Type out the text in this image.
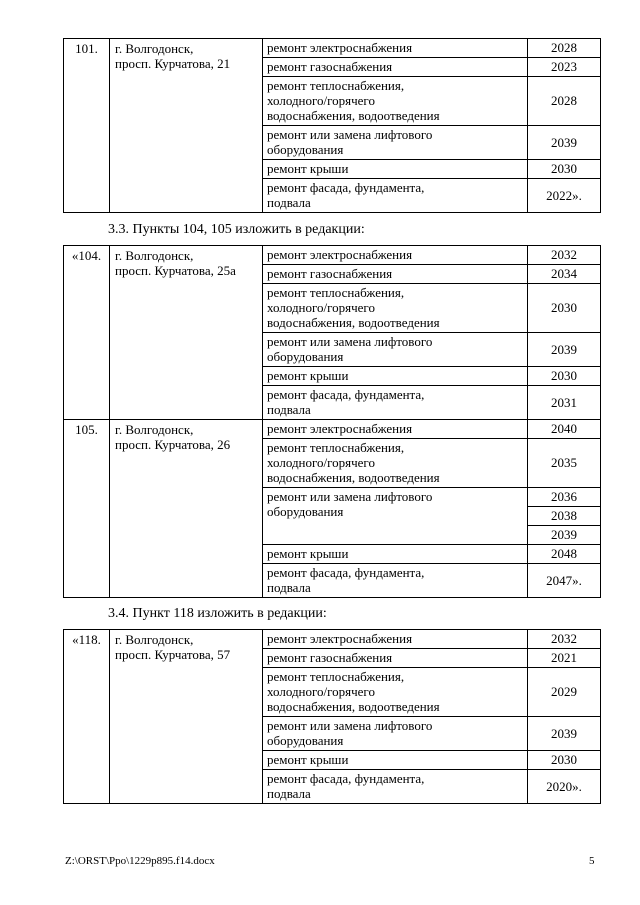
101.	г. Волгодонск,
просп. Курчатова, 21	ремонт электроснабжения	2028
		ремонт газоснабжения	2023
		ремонт теплоснабжения,
холодного/горячего
водоснабжения, водоотведения	2028
		ремонт или замена лифтового
оборудования	2039
		ремонт крыши	2030
		ремонт фасада, фундамента,
подвала	2022».
3.3. Пункты 104, 105 изложить в редакции:
«104.	г. Волгодонск,
просп. Курчатова, 25а	ремонт электроснабжения	2032
		ремонт газоснабжения	2034
		ремонт теплоснабжения,
холодного/горячего
водоснабжения, водоотведения	2030
		ремонт или замена лифтового
оборудования	2039
		ремонт крыши	2030
		ремонт фасада, фундамента,
подвала	2031
105.	г. Волгодонск,
просп. Курчатова, 26	ремонт электроснабжения	2040
		ремонт теплоснабжения,
холодного/горячего
водоснабжения, водоотведения	2035
		ремонт или замена лифтового
оборудования	2036
			2038
			2039
		ремонт крыши	2048
		ремонт фасада, фундамента,
подвала	2047».
3.4. Пункт 118 изложить в редакции:
«118.	г. Волгодонск,
просп. Курчатова, 57	ремонт электроснабжения	2032
		ремонт газоснабжения	2021
		ремонт теплоснабжения,
холодного/горячего
водоснабжения, водоотведения	2029
		ремонт или замена лифтового
оборудования	2039
		ремонт крыши	2030
		ремонт фасада, фундамента,
подвала	2020».
Z:\ORST\Ppo\1229p895.f14.docx	5
